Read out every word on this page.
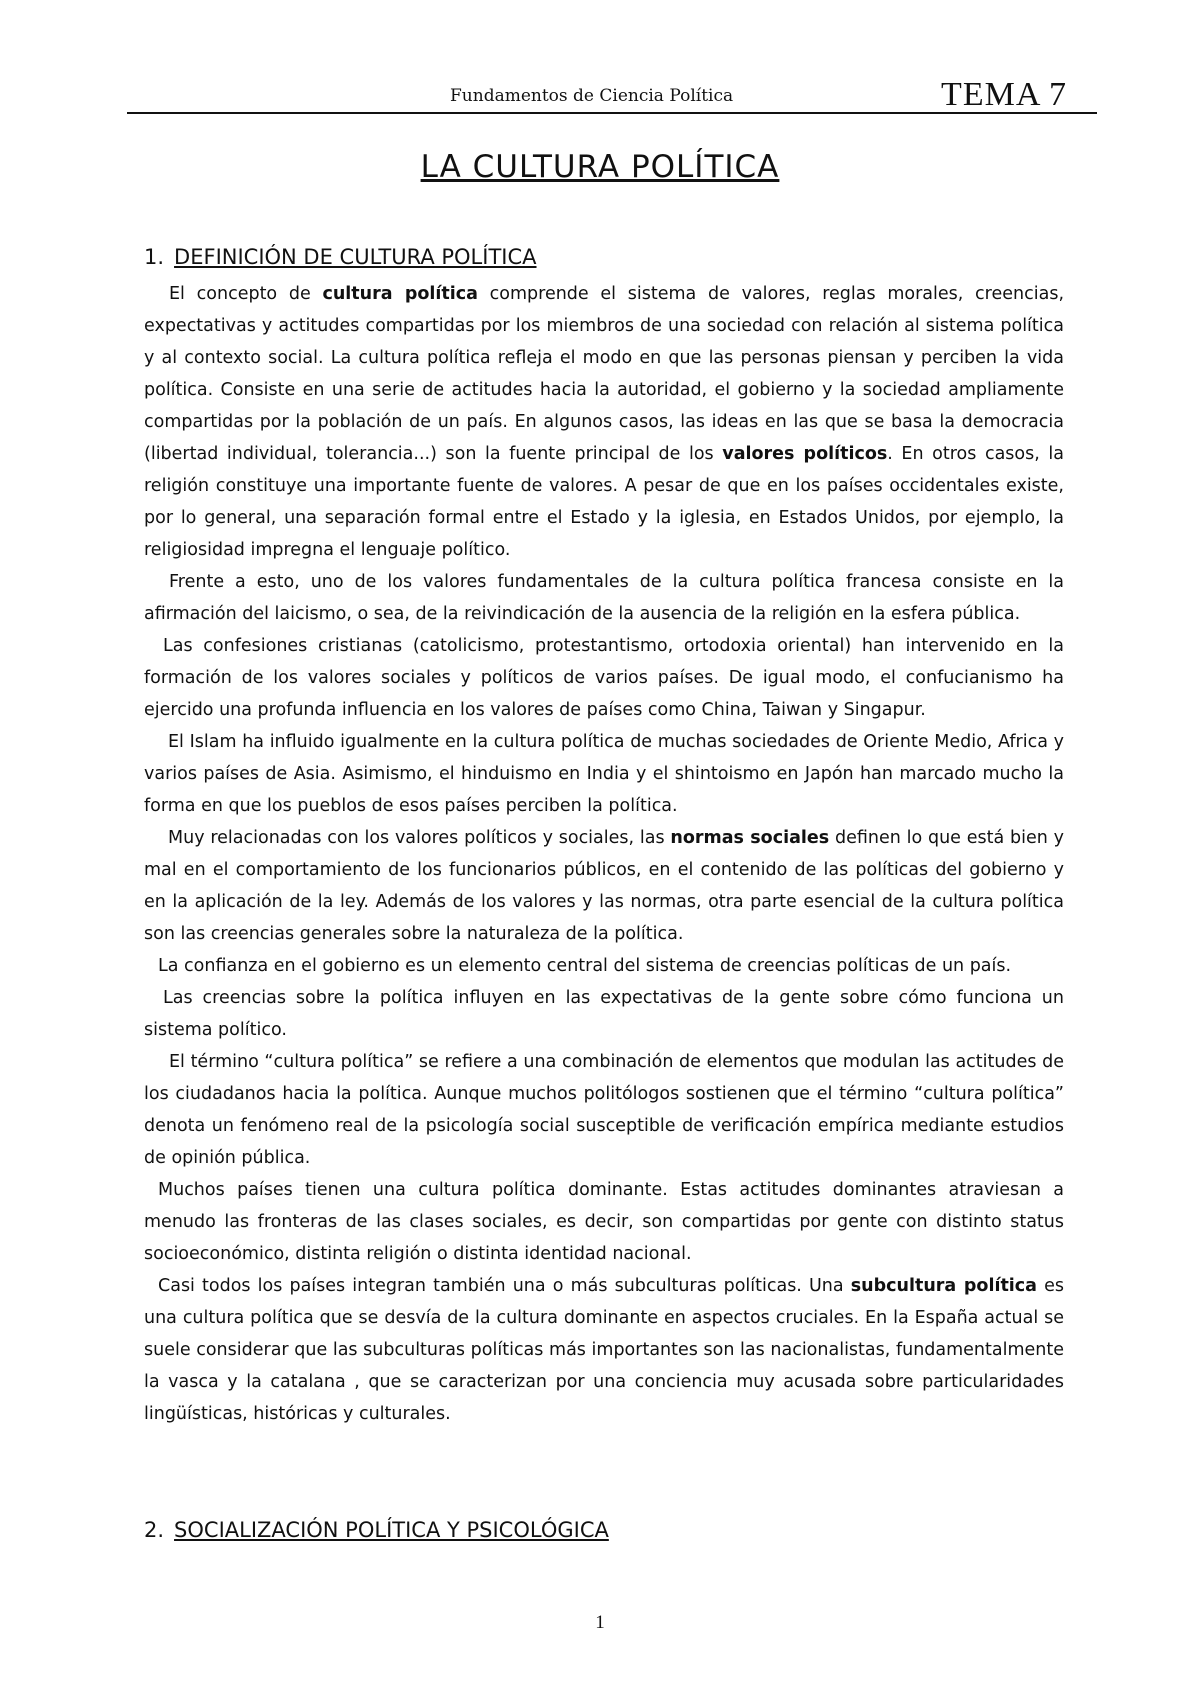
Fundamentos de Ciencia Política	TEMA 7
LA CULTURA POLÍTICA
1. DEFINICIÓN DE CULTURA POLÍTICA

El concepto de cultura política comprende el sistema de valores, reglas morales, creencias, expectativas y actitudes compartidas por los miembros de una sociedad con relación al sistema política y al contexto social. La cultura política refleja el modo en que las personas piensan y perciben la vida política. Consiste en una serie de actitudes hacia la autoridad, el gobierno y la sociedad ampliamente compartidas por la población de un país. En algunos casos, las ideas en las que se basa la democracia (libertad individual, tolerancia...) son la fuente principal de los valores políticos. En otros casos, la religión constituye una importante fuente de valores. A pesar de que en los países occidentales existe, por lo general, una separación formal entre el Estado y la iglesia, en Estados Unidos, por ejemplo, la religiosidad impregna el lenguaje político.

Frente a esto, uno de los valores fundamentales de la cultura política francesa consiste en la afirmación del laicismo, o sea, de la reivindicación de la ausencia de la religión en la esfera pública.

Las confesiones cristianas (catolicismo, protestantismo, ortodoxia oriental) han intervenido en la formación de los valores sociales y políticos de varios países. De igual modo, el confucianismo ha ejercido una profunda influencia en los valores de países como China, Taiwan y Singapur.

El Islam ha influido igualmente en la cultura política de muchas sociedades de Oriente Medio, Africa y varios países de Asia. Asimismo, el hinduismo en India y el shintoismo en Japón han marcado mucho la forma en que los pueblos de esos países perciben la política.

Muy relacionadas con los valores políticos y sociales, las normas sociales definen lo que está bien y mal en el comportamiento de los funcionarios públicos, en el contenido de las políticas del gobierno y en la aplicación de la ley. Además de los valores y las normas, otra parte esencial de la cultura política son las creencias generales sobre la naturaleza de la política.

La confianza en el gobierno es un elemento central del sistema de creencias políticas de un país.

Las creencias sobre la política influyen en las expectativas de la gente sobre cómo funciona un sistema político.

El término “cultura política” se refiere a una combinación de elementos que modulan las actitudes de los ciudadanos hacia la política. Aunque muchos politólogos sostienen que el término “cultura política” denota un fenómeno real de la psicología social susceptible de verificación empírica mediante estudios de opinión pública.

Muchos países tienen una cultura política dominante. Estas actitudes dominantes atraviesan a menudo las fronteras de las clases sociales, es decir, son compartidas por gente con distinto status socioeconómico, distinta religión o distinta identidad nacional.

Casi todos los países integran también una o más subculturas políticas. Una subcultura política es una cultura política que se desvía de la cultura dominante en aspectos cruciales. En la España actual se suele considerar que las subculturas políticas más importantes son las nacionalistas, fundamentalmente la vasca y la catalana , que se caracterizan por una conciencia muy acusada sobre particularidades lingüísticas, históricas y culturales.

2. SOCIALIZACIÓN POLÍTICA Y PSICOLÓGICA
1
